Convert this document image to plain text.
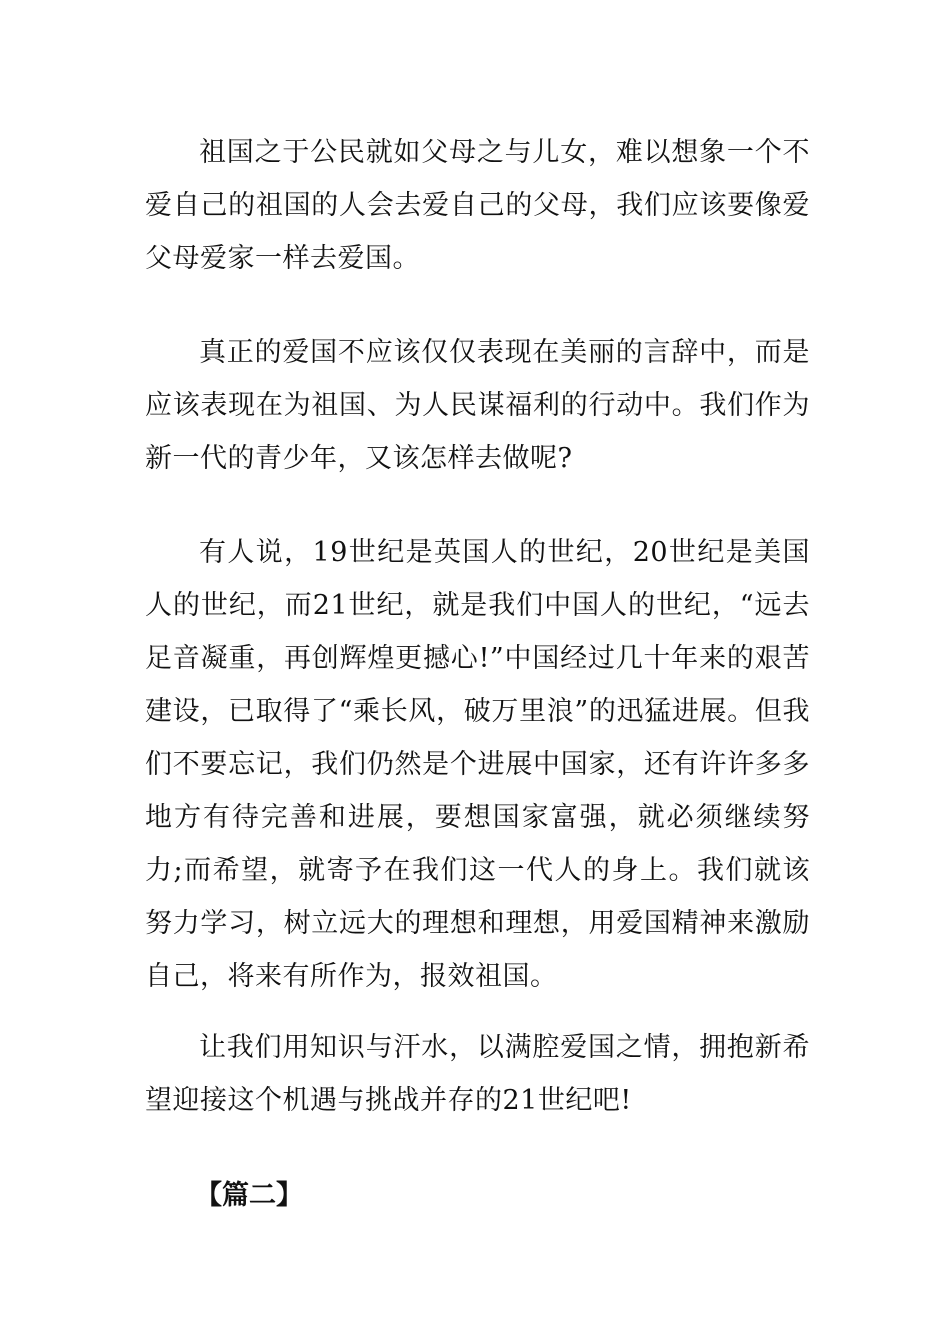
祖国之于公民就如父母之与儿女，难以想象一个不爱自己的祖国的人会去爱自己的父母，我们应该要像爱父母爱家一样去爱国。

真正的爱国不应该仅仅表现在美丽的言辞中，而是应该表现在为祖国、为人民谋福利的行动中。我们作为新一代的青少年，又该怎样去做呢?

有人说，19世纪是英国人的世纪，20世纪是美国人的世纪，而21世纪，就是我们中国人的世纪，“远去足音凝重，再创辉煌更撼心!”中国经过几十年来的艰苦建设，已取得了“乘长风，破万里浪”的迅猛进展。但我们不要忘记，我们仍然是个进展中国家，还有许许多多地方有待完善和进展，要想国家富强，就必须继续努力;而希望，就寄予在我们这一代人的身上。我们就该努力学习，树立远大的理想和理想，用爱国精神来激励自己，将来有所作为，报效祖国。

让我们用知识与汗水，以满腔爱国之情，拥抱新希望迎接这个机遇与挑战并存的21世纪吧!

【篇二】
